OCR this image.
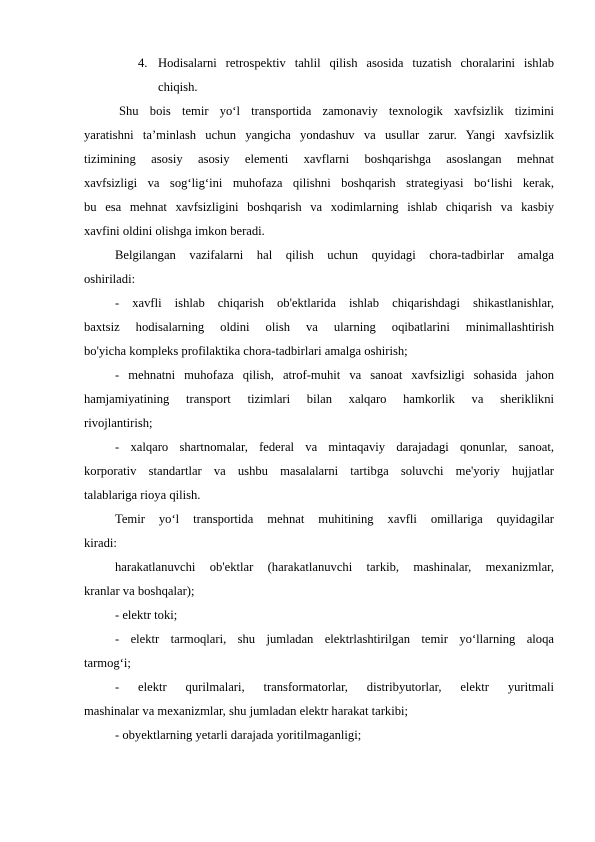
4. Hodisalarni retrospektiv tahlil qilish asosida tuzatish choralarini ishlab
chiqish.
Shu bois temir yo‘l transportida zamonaviy texnologik xavfsizlik tizimini
yaratishni ta’minlash uchun yangicha yondashuv va usullar zarur. Yangi xavfsizlik
tizimining asosiy asosiy elementi xavflarni boshqarishga asoslangan mehnat
xavfsizligi va sog‘lig‘ini muhofaza qilishni boshqarish strategiyasi bo‘lishi kerak,
bu esa mehnat xavfsizligini boshqarish va xodimlarning ishlab chiqarish va kasbiy
xavfini oldini olishga imkon beradi.
Belgilangan vazifalarni hal qilish uchun quyidagi chora-tadbirlar amalga
oshiriladi:
- xavfli ishlab chiqarish ob'ektlarida ishlab chiqarishdagi shikastlanishlar,
baxtsiz hodisalarning oldini olish va ularning oqibatlarini minimallashtirish
bo'yicha kompleks profilaktika chora-tadbirlari amalga oshirish;
- mehnatni muhofaza qilish, atrof-muhit va sanoat xavfsizligi sohasida jahon
hamjamiyatining transport tizimlari bilan xalqaro hamkorlik va sheriklikni
rivojlantirish;
- xalqaro shartnomalar, federal va mintaqaviy darajadagi qonunlar, sanoat,
korporativ standartlar va ushbu masalalarni tartibga soluvchi me'yoriy hujjatlar
talablariga rioya qilish.
Temir yo‘l transportida mehnat muhitining xavfli omillariga quyidagilar
kiradi:
harakatlanuvchi ob'ektlar (harakatlanuvchi tarkib, mashinalar, mexanizmlar,
kranlar va boshqalar);
- elektr toki;
- elektr tarmoqlari, shu jumladan elektrlashtirilgan temir yo‘llarning aloqa
tarmog‘i;
- elektr qurilmalari, transformatorlar, distribyutorlar, elektr yuritmali
mashinalar va mexanizmlar, shu jumladan elektr harakat tarkibi;
- obyektlarning yetarli darajada yoritilmaganligi;
